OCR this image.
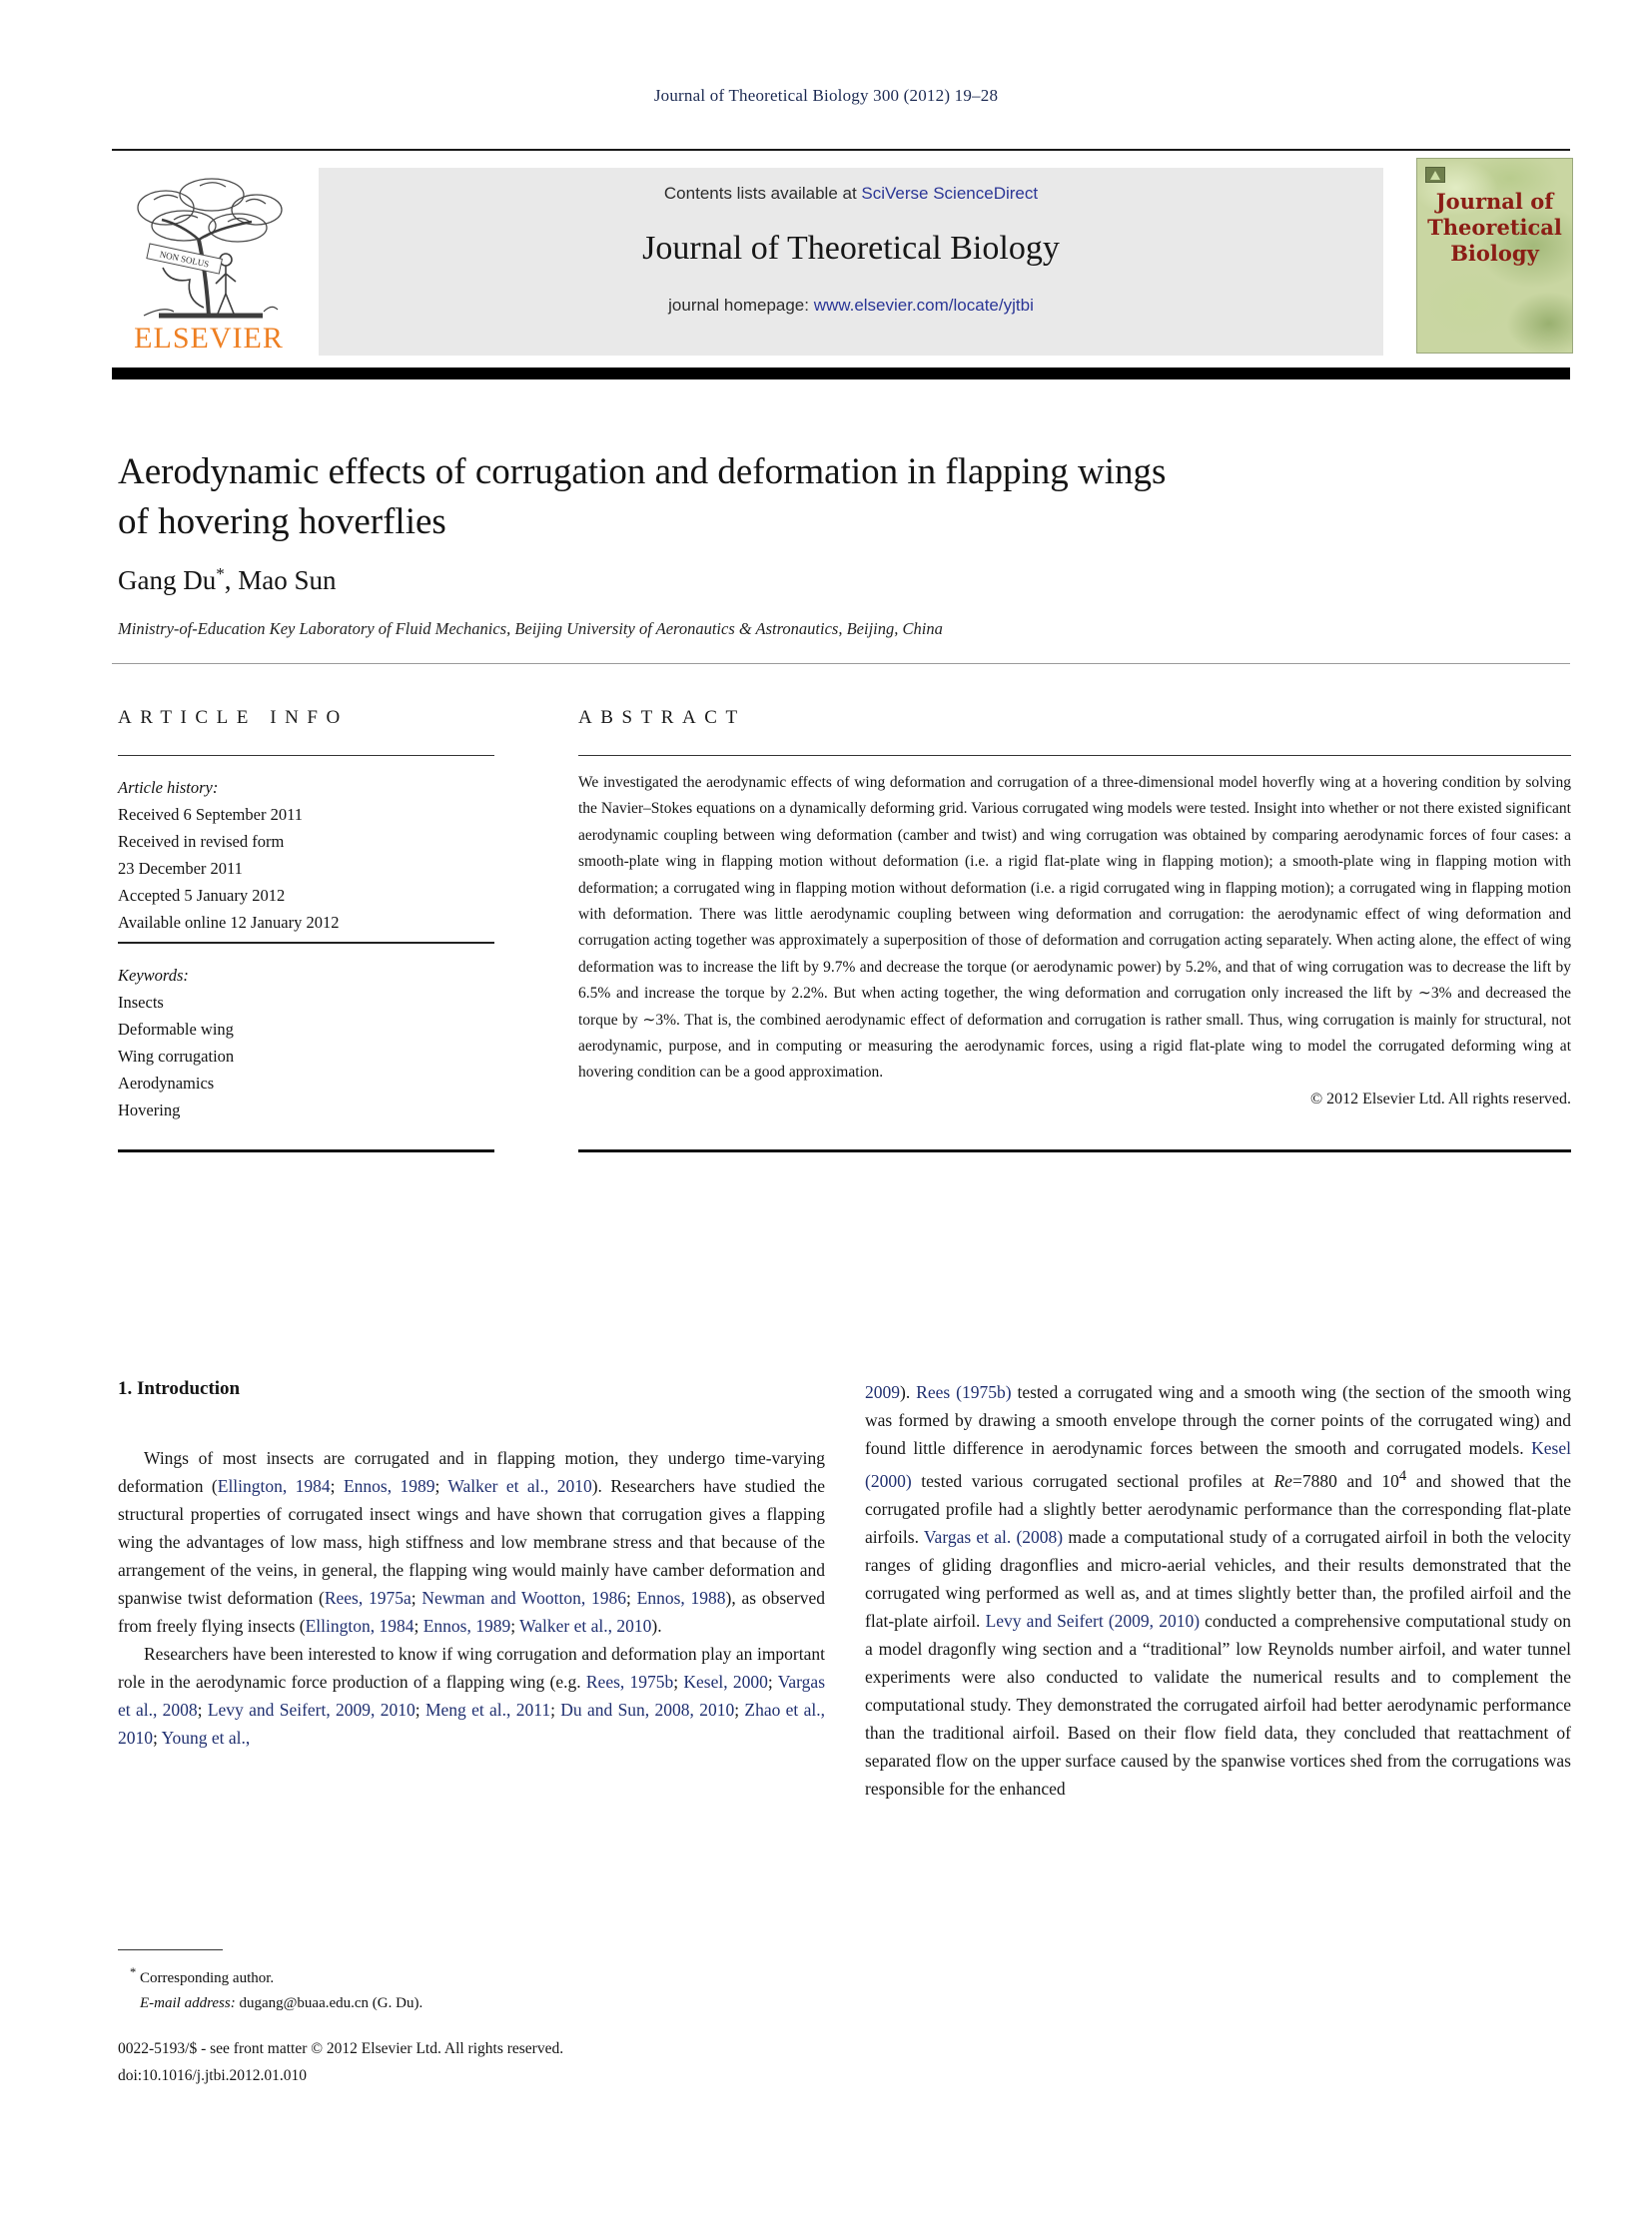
Journal of Theoretical Biology 300 (2012) 19–28
NON SOLUS
ELSEVIER
Contents lists available at SciVerse ScienceDirect
Journal of Theoretical Biology
journal homepage: www.elsevier.com/locate/yjtbi
Journal of
Theoretical
Biology
Aerodynamic effects of corrugation and deformation in flapping wings
of hovering hoverflies
Gang Du*, Mao Sun
Ministry-of-Education Key Laboratory of Fluid Mechanics, Beijing University of Aeronautics & Astronautics, Beijing, China
ARTICLE INFO
Article history:
Received 6 September 2011
Received in revised form
23 December 2011
Accepted 5 January 2012
Available online 12 January 2012
Keywords:
Insects
Deformable wing
Wing corrugation
Aerodynamics
Hovering
ABSTRACT

We investigated the aerodynamic effects of wing deformation and corrugation of a three-dimensional model hoverfly wing at a hovering condition by solving the Navier–Stokes equations on a dynamically deforming grid. Various corrugated wing models were tested. Insight into whether or not there existed significant aerodynamic coupling between wing deformation (camber and twist) and wing corrugation was obtained by comparing aerodynamic forces of four cases: a smooth-plate wing in flapping motion without deformation (i.e. a rigid flat-plate wing in flapping motion); a smooth-plate wing in flapping motion with deformation; a corrugated wing in flapping motion without deformation (i.e. a rigid corrugated wing in flapping motion); a corrugated wing in flapping motion with deformation. There was little aerodynamic coupling between wing deformation and corrugation: the aerodynamic effect of wing deformation and corrugation acting together was approximately a superposition of those of deformation and corrugation acting separately. When acting alone, the effect of wing deformation was to increase the lift by 9.7% and decrease the torque (or aerodynamic power) by 5.2%, and that of wing corrugation was to decrease the lift by 6.5% and increase the torque by 2.2%. But when acting together, the wing deformation and corrugation only increased the lift by ∼3% and decreased the torque by ∼3%. That is, the combined aerodynamic effect of deformation and corrugation is rather small. Thus, wing corrugation is mainly for structural, not aerodynamic, purpose, and in computing or measuring the aerodynamic forces, using a rigid flat-plate wing to model the corrugated deforming wing at hovering condition can be a good approximation.

© 2012 Elsevier Ltd. All rights reserved.
1. Introduction

Wings of most insects are corrugated and in flapping motion, they undergo time-varying deformation (Ellington, 1984; Ennos, 1989; Walker et al., 2010). Researchers have studied the structural properties of corrugated insect wings and have shown that corrugation gives a flapping wing the advantages of low mass, high stiffness and low membrane stress and that because of the arrangement of the veins, in general, the flapping wing would mainly have camber deformation and spanwise twist deformation (Rees, 1975a; Newman and Wootton, 1986; Ennos, 1988), as observed from freely flying insects (Ellington, 1984; Ennos, 1989; Walker et al., 2010).

Researchers have been interested to know if wing corrugation and deformation play an important role in the aerodynamic force production of a flapping wing (e.g. Rees, 1975b; Kesel, 2000; Vargas et al., 2008; Levy and Seifert, 2009, 2010; Meng et al., 2011; Du and Sun, 2008, 2010; Zhao et al., 2010; Young et al.,

2009). Rees (1975b) tested a corrugated wing and a smooth wing (the section of the smooth wing was formed by drawing a smooth envelope through the corner points of the corrugated wing) and found little difference in aerodynamic forces between the smooth and corrugated models. Kesel (2000) tested various corrugated sectional profiles at Re=7880 and $10^4$ and showed that the corrugated profile had a slightly better aerodynamic performance than the corresponding flat-plate airfoils. Vargas et al. (2008) made a computational study of a corrugated airfoil in both the velocity ranges of gliding dragonflies and micro-aerial vehicles, and their results demonstrated that the corrugated wing performed as well as, and at times slightly better than, the profiled airfoil and the flat-plate airfoil. Levy and Seifert (2009, 2010) conducted a comprehensive computational study on a model dragonfly wing section and a “traditional” low Reynolds number airfoil, and water tunnel experiments were also conducted to validate the numerical results and to complement the computational study. They demonstrated the corrugated airfoil had better aerodynamic performance than the traditional airfoil. Based on their flow field data, they concluded that reattachment of separated flow on the upper surface caused by the spanwise vortices shed from the corrugations was responsible for the enhanced

* Corresponding author.
E-mail address: dugang@buaa.edu.cn (G. Du).
0022-5193/$ - see front matter © 2012 Elsevier Ltd. All rights reserved.
doi:10.1016/j.jtbi.2012.01.010
